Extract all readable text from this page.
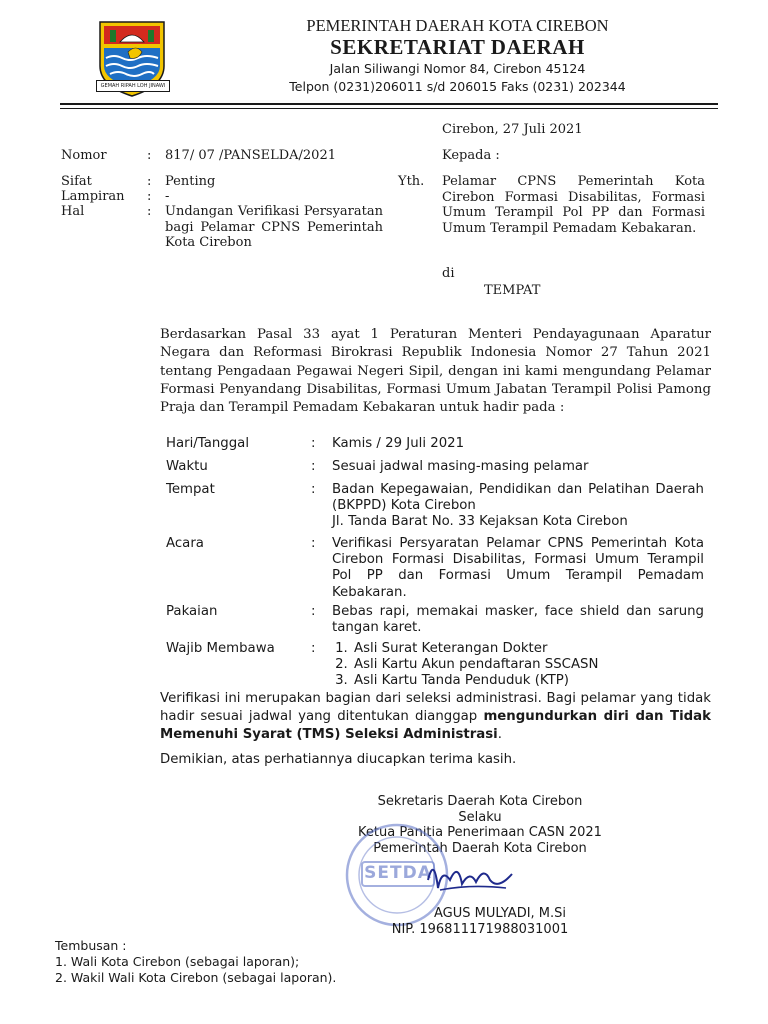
GEMAH RIPAH LOH JINAWI
PEMERINTAH DAERAH KOTA CIREBON
SEKRETARIAT DAERAH
Jalan Siliwangi Nomor 84, Cirebon 45124
Telpon (0231)206011 s/d 206015 Faks (0231) 202344
Cirebon, 27 Juli 2021
Nomor	: 817/ 07 /PANSELDA/2021	Kepada :
Sifat	: Penting
Lampiran : -
Hal	: Undangan Verifikasi Persyaratan bagi Pelamar CPNS Pemerintah Kota Cirebon
Yth. Pelamar CPNS Pemerintah Kota Cirebon Formasi Disabilitas, Formasi Umum Terampil Pol PP dan Formasi Umum Terampil Pemadam Kebakaran.
di
TEMPAT
Berdasarkan Pasal 33 ayat 1 Peraturan Menteri Pendayagunaan Aparatur Negara dan Reformasi Birokrasi Republik Indonesia Nomor 27 Tahun 2021 tentang Pengadaan Pegawai Negeri Sipil, dengan ini kami mengundang Pelamar Formasi Penyandang Disabilitas, Formasi Umum Jabatan Terampil Polisi Pamong Praja dan Terampil Pemadam Kebakaran untuk hadir pada :
Hari/Tanggal	: Kamis / 29 Juli 2021
Waktu	: Sesuai jadwal masing-masing pelamar
Tempat	: Badan Kepegawaian, Pendidikan dan Pelatihan Daerah (BKPPD) Kota Cirebon
Jl. Tanda Barat No. 33 Kejaksan Kota Cirebon
Acara	: Verifikasi Persyaratan Pelamar CPNS Pemerintah Kota Cirebon Formasi Disabilitas, Formasi Umum Terampil Pol PP dan Formasi Umum Terampil Pemadam Kebakaran.
Pakaian	: Bebas rapi, memakai masker, face shield dan sarung tangan karet.
Wajib Membawa	:	1. Asli Surat Keterangan Dokter
2. Asli Kartu Akun pendaftaran SSCASN
3. Asli Kartu Tanda Penduduk (KTP)
Verifikasi ini merupakan bagian dari seleksi administrasi. Bagi pelamar yang tidak hadir sesuai jadwal yang ditentukan dianggap mengundurkan diri dan Tidak Memenuhi Syarat (TMS) Seleksi Administrasi.
Demikian, atas perhatiannya diucapkan terima kasih.
Sekretaris Daerah Kota Cirebon
Selaku
Ketua Panitia Penerimaan CASN 2021
Pemerintah Daerah Kota Cirebon
SETDA
AGUS MULYADI, M.Si
NIP. 196811171988031001
Tembusan :
1. Wali Kota Cirebon (sebagai laporan);
2. Wakil Wali Kota Cirebon (sebagai laporan).
